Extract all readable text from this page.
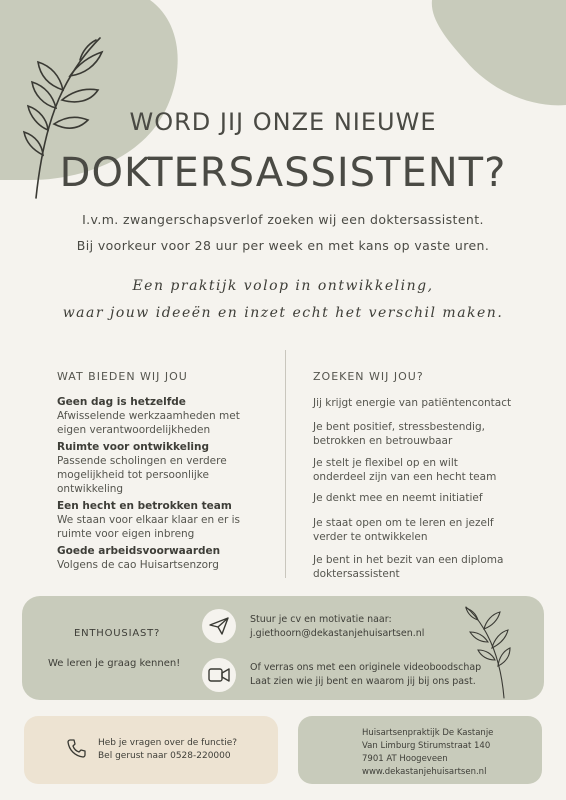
WORD JIJ ONZE NIEUWE
DOKTERSASSISTENT?
I.v.m. zwangerschapsverlof zoeken wij een doktersassistent.
Bij voorkeur voor 28 uur per week en met kans op vaste uren.
Een praktijk volop in ontwikkeling,
waar jouw ideeën en inzet echt het verschil maken.
WAT BIEDEN WIJ JOU
Geen dag is hetzelfde
Afwisselende werkzaamheden met
eigen verantwoordelijkheden
Ruimte voor ontwikkeling
Passende scholingen en verdere
mogelijkheid tot persoonlijke
ontwikkeling
Een hecht en betrokken team
We staan voor elkaar klaar en er is
ruimte voor eigen inbreng
Goede arbeidsvoorwaarden
Volgens de cao Huisartsenzorg
ZOEKEN WIJ JOU?
Jij krijgt energie van patiëntencontact
Je bent positief, stressbestendig,
betrokken en betrouwbaar
Je stelt je flexibel op en wilt
onderdeel zijn van een hecht team
Je denkt mee en neemt initiatief
Je staat open om te leren en jezelf
verder te ontwikkelen
Je bent in het bezit van een diploma
doktersassistent
ENTHOUSIAST?
We leren je graag kennen!
Stuur je cv en motivatie naar:
j.giethoorn@dekastanjehuisartsen.nl
Of verras ons met een originele videoboodschap
Laat zien wie jij bent en waarom jij bij ons past.
Heb je vragen over de functie?
Bel gerust naar 0528-220000
Huisartsenpraktijk De Kastanje
Van Limburg Stirumstraat 140
7901 AT Hoogeveen
www.dekastanjehuisartsen.nl
